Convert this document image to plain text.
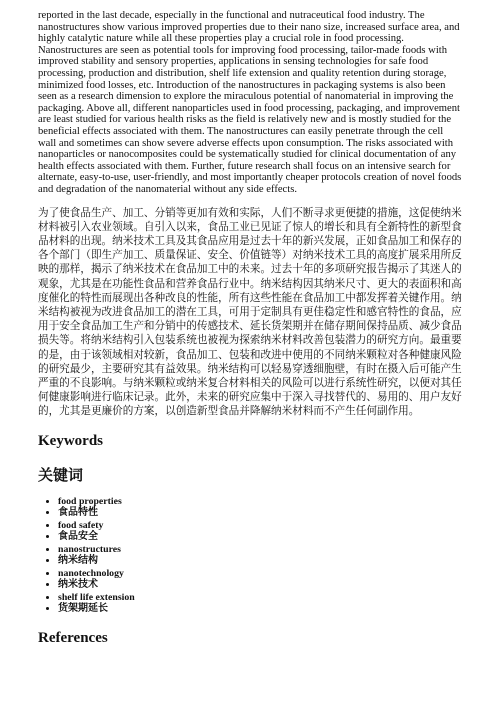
reported in the last decade, especially in the functional and nutraceutical food industry. The nanostructures show various improved properties due to their nano size, increased surface area, and highly catalytic nature while all these properties play a crucial role in food processing. Nanostructures are seen as potential tools for improving food processing, tailor-made foods with improved stability and sensory properties, applications in sensing technologies for safe food processing, production and distribution, shelf life extension and quality retention during storage, minimized food losses, etc. Introduction of the nanostructures in packaging systems is also been seen as a research dimension to explore the miraculous potential of nanomaterial in improving the packaging. Above all, different nanoparticles used in food processing, packaging, and improvement are least studied for various health risks as the field is relatively new and is mostly studied for the beneficial effects associated with them. The nanostructures can easily penetrate through the cell wall and sometimes can show severe adverse effects upon consumption. The risks associated with nanoparticles or nanocomposites could be systematically studied for clinical documentation of any health effects associated with them. Further, future research shall focus on an intensive search for alternate, easy-to-use, user-friendly, and most importantly cheaper protocols creation of novel foods and degradation of the nanomaterial without any side effects.

为了使食品生产、加工、分销等更加有效和实际，人们不断寻求更便捷的措施，这促使纳米材料被引入农业领域。自引入以来，食品工业已见证了惊人的增长和具有全新特性的新型食品材料的出现。纳米技术工具及其食品应用是过去十年的新兴发展，正如食品加工和保存的各个部门（即生产加工、质量保证、安全、价值链等）对纳米技术工具的高度扩展采用所反映的那样，揭示了纳米技术在食品加工中的未来。过去十年的多项研究报告揭示了其迷人的观象，尤其是在功能性食品和营养食品行业中。纳米结构因其纳米尺寸、更大的表面积和高度催化的特性而展现出各种改良的性能，所有这些性能在食品加工中都发挥着关键作用。纳米结构被视为改进食品加工的潜在工具，可用于定制具有更佳稳定性和感官特性的食品，应用于安全食品加工生产和分销中的传感技术、延长货架期并在储存期间保持品质、减少食品损失等。将纳米结构引入包装系统也被视为探索纳米材料改善包装潜力的研究方向。最重要的是，由于该领域相对较新，食品加工、包装和改进中使用的不同纳米颗粒对各种健康风险的研究最少，主要研究其有益效果。纳米结构可以轻易穿透细胞壁，有时在摄入后可能产生严重的不良影响。与纳米颗粒或纳米复合材料相关的风险可以进行系统性研究，以便对其任何健康影响进行临床记录。此外，未来的研究应集中于深入寻找替代的、易用的、用户友好的，尤其是更廉价的方案，以创造新型食品并降解纳米材料而不产生任何副作用。

Keywords
关键词
• food properties
• 食品特性
• food safety
• 食品安全
• nanostructures
• 纳米结构
• nanotechnology
• 纳米技术
• shelf life extension
• 货架期延长
References
